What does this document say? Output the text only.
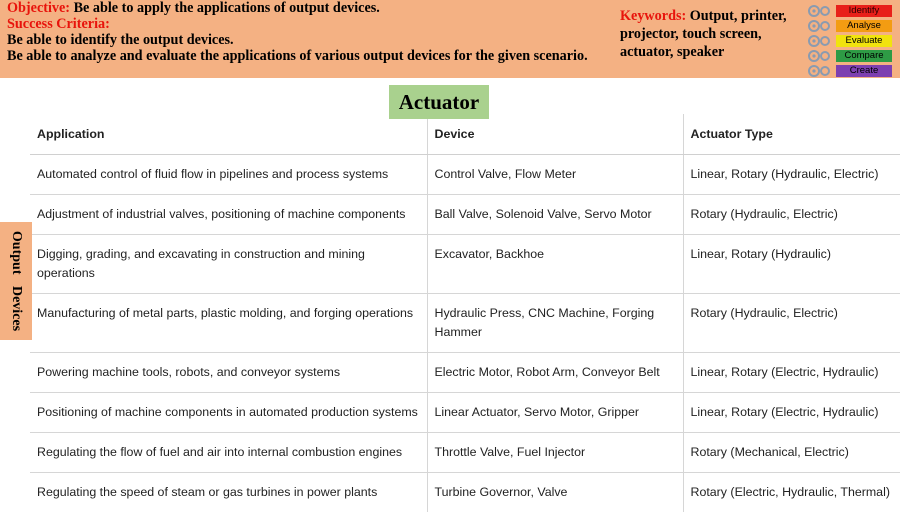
Objective: Be able to apply the applications of output devices.
Success Criteria:
Be able to identify the output devices.
Be able to analyze and evaluate the applications of various output devices for the given scenario.
Keywords: Output, printer, projector, touch screen, actuator, speaker
Identify
Analyse
Evaluate
Compare
Create
Application	Device	Actuator Type
Automated control of fluid flow in pipelines and process systems	Control Valve, Flow Meter	Linear, Rotary (Hydraulic, Electric)
Adjustment of industrial valves, positioning of machine components	Ball Valve, Solenoid Valve, Servo Motor	Rotary (Hydraulic, Electric)
Digging, grading, and excavating in construction and mining operations	Excavator, Backhoe	Linear, Rotary (Hydraulic)
Manufacturing of metal parts, plastic molding, and forging operations	Hydraulic Press, CNC Machine, Forging Hammer	Rotary (Hydraulic, Electric)
Powering machine tools, robots, and conveyor systems	Electric Motor, Robot Arm, Conveyor Belt	Linear, Rotary (Electric, Hydraulic)
Positioning of machine components in automated production systems	Linear Actuator, Servo Motor, Gripper	Linear, Rotary (Electric, Hydraulic)
Regulating the flow of fuel and air into internal combustion engines	Throttle Valve, Fuel Injector	Rotary (Mechanical, Electric)
Regulating the speed of steam or gas turbines in power plants	Turbine Governor, Valve	Rotary (Electric, Hydraulic, Thermal)
Actuator
Output Devices
